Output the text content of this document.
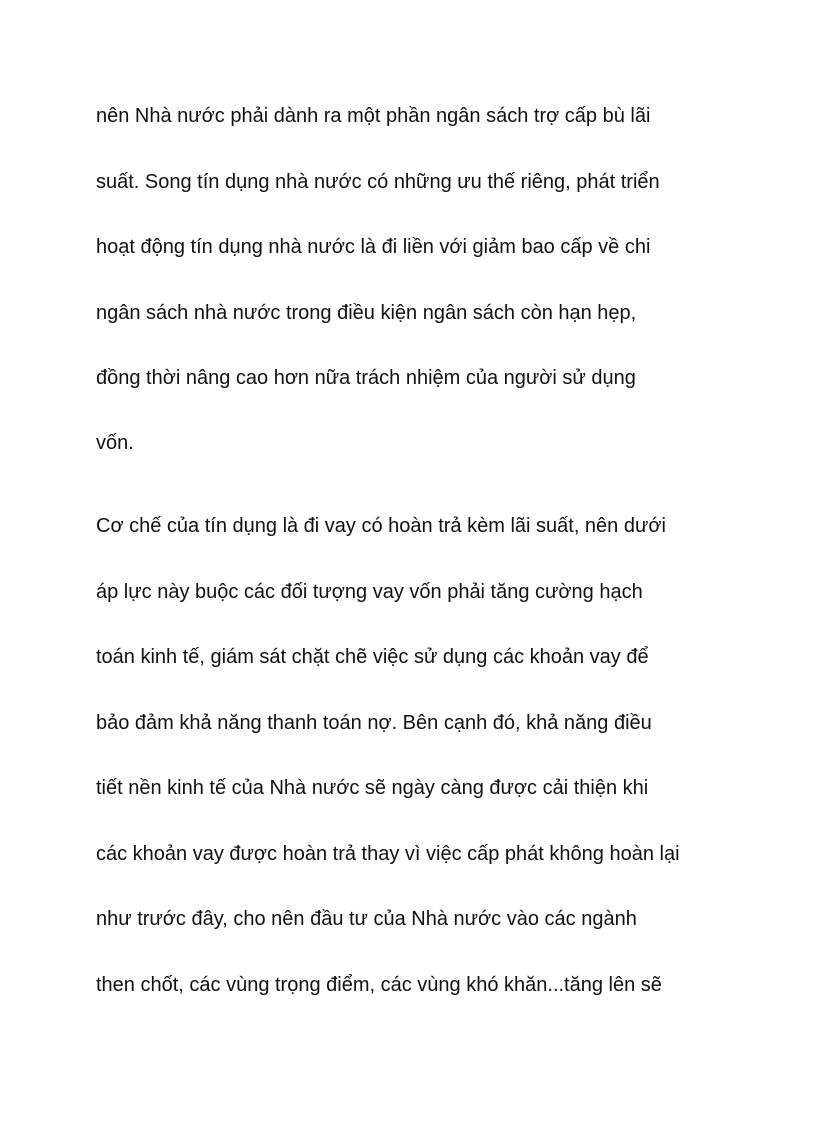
nên Nhà nước phải dành ra một phần ngân sách trợ cấp bù lãi
suất. Song tín dụng nhà nước có những ưu thế riêng, phát triển
hoạt động tín dụng nhà nước là đi liền với giảm bao cấp về chi
ngân sách nhà nước trong điều kiện ngân sách còn hạn hẹp,
đồng thời nâng cao hơn nữa trách nhiệm của người sử dụng
vốn.
Cơ chế của tín dụng là đi vay có hoàn trả kèm lãi suất, nên dưới
áp lực này buộc các đối tượng vay vốn phải tăng cường hạch
toán kinh tế, giám sát chặt chẽ việc sử dụng các khoản vay để
bảo đảm khả năng thanh toán nợ. Bên cạnh đó, khả năng điều
tiết nền kinh tế của Nhà nước sẽ ngày càng được cải thiện khi
các khoản vay được hoàn trả thay vì việc cấp phát không hoàn lại
như trước đây, cho nên đầu tư của Nhà nước vào các ngành
then chốt, các vùng trọng điểm, các vùng khó khăn...tăng lên sẽ
